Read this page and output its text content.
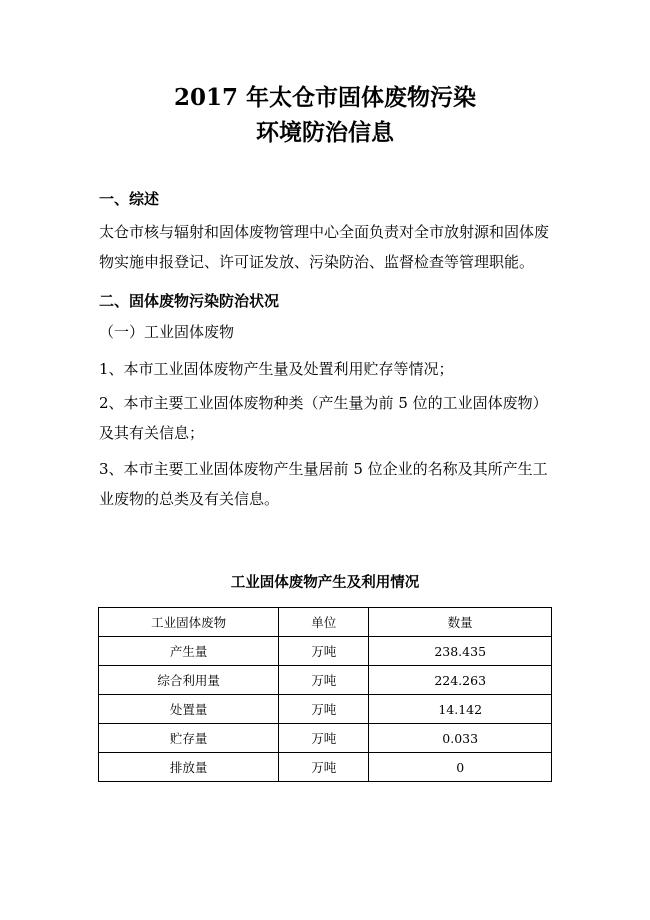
2017 年太仓市固体废物污染
环境防治信息
一、综述

太仓市核与辐射和固体废物管理中心全面负责对全市放射源和固体废物实施申报登记、许可证发放、污染防治、监督检查等管理职能。

二、固体废物污染防治状况

（一）工业固体废物

1、本市工业固体废物产生量及处置利用贮存等情况；

2、本市主要工业固体废物种类（产生量为前 5 位的工业固体废物）及其有关信息；

3、本市主要工业固体废物产生量居前 5 位企业的名称及其所产生工业废物的总类及有关信息。

工业固体废物产生及利用情况
工业固体废物	单位	数量
产生量	万吨	238.435
综合利用量	万吨	224.263
处置量	万吨	14.142
贮存量	万吨	0.033
排放量	万吨	0
